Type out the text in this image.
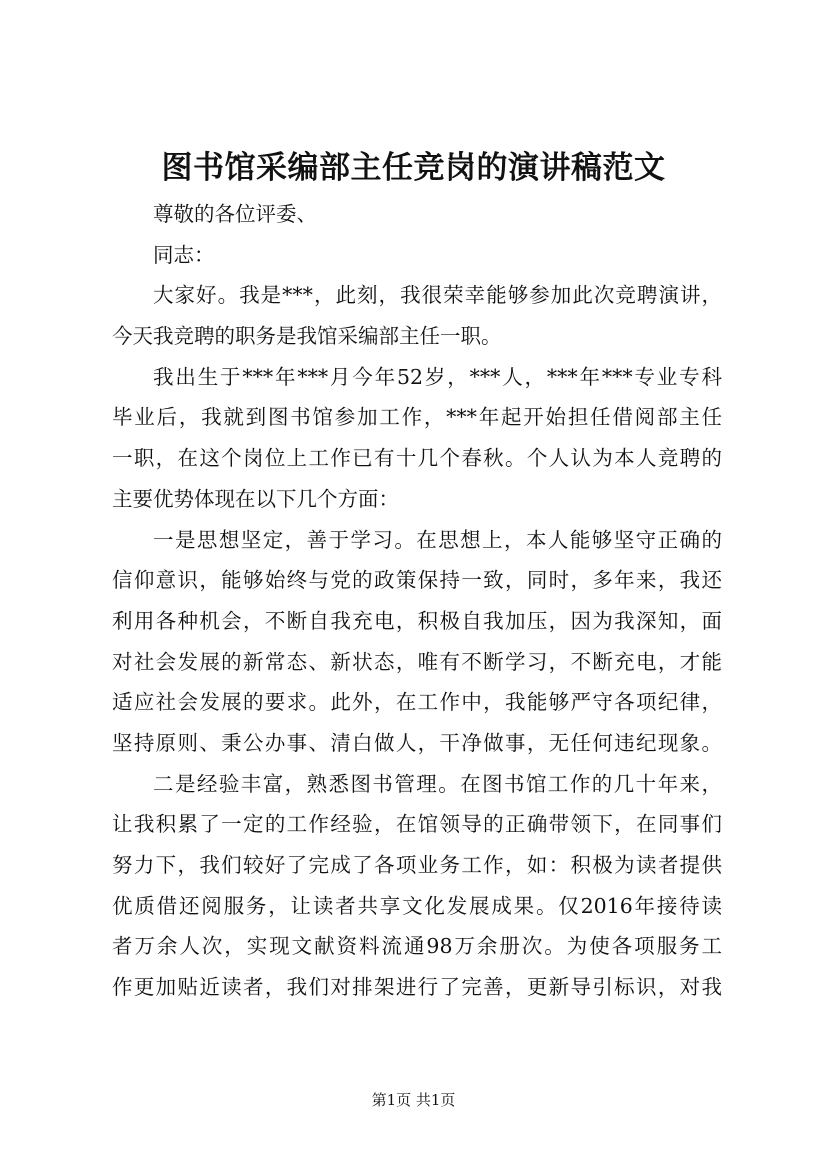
图书馆采编部主任竞岗的演讲稿范文
尊敬的各位评委、
同志：
大家好。我是***，此刻，我很荣幸能够参加此次竞聘演讲，
今天我竞聘的职务是我馆采编部主任一职。
我出生于***年***月今年52岁，***人，***年***专业专科
毕业后，我就到图书馆参加工作，***年起开始担任借阅部主任
一职，在这个岗位上工作已有十几个春秋。个人认为本人竞聘的
主要优势体现在以下几个方面：
一是思想坚定，善于学习。在思想上，本人能够坚守正确的
信仰意识，能够始终与党的政策保持一致，同时，多年来，我还
利用各种机会，不断自我充电，积极自我加压，因为我深知，面
对社会发展的新常态、新状态，唯有不断学习，不断充电，才能
适应社会发展的要求。此外，在工作中，我能够严守各项纪律，
坚持原则、秉公办事、清白做人，干净做事，无任何违纪现象。
二是经验丰富，熟悉图书管理。在图书馆工作的几十年来，
让我积累了一定的工作经验，在馆领导的正确带领下，在同事们
努力下，我们较好了完成了各项业务工作，如：积极为读者提供
优质借还阅服务，让读者共享文化发展成果。仅2016年接待读
者万余人次，实现文献资料流通98万余册次。为使各项服务工
作更加贴近读者，我们对排架进行了完善，更新导引标识，对我
第1页 共1页
